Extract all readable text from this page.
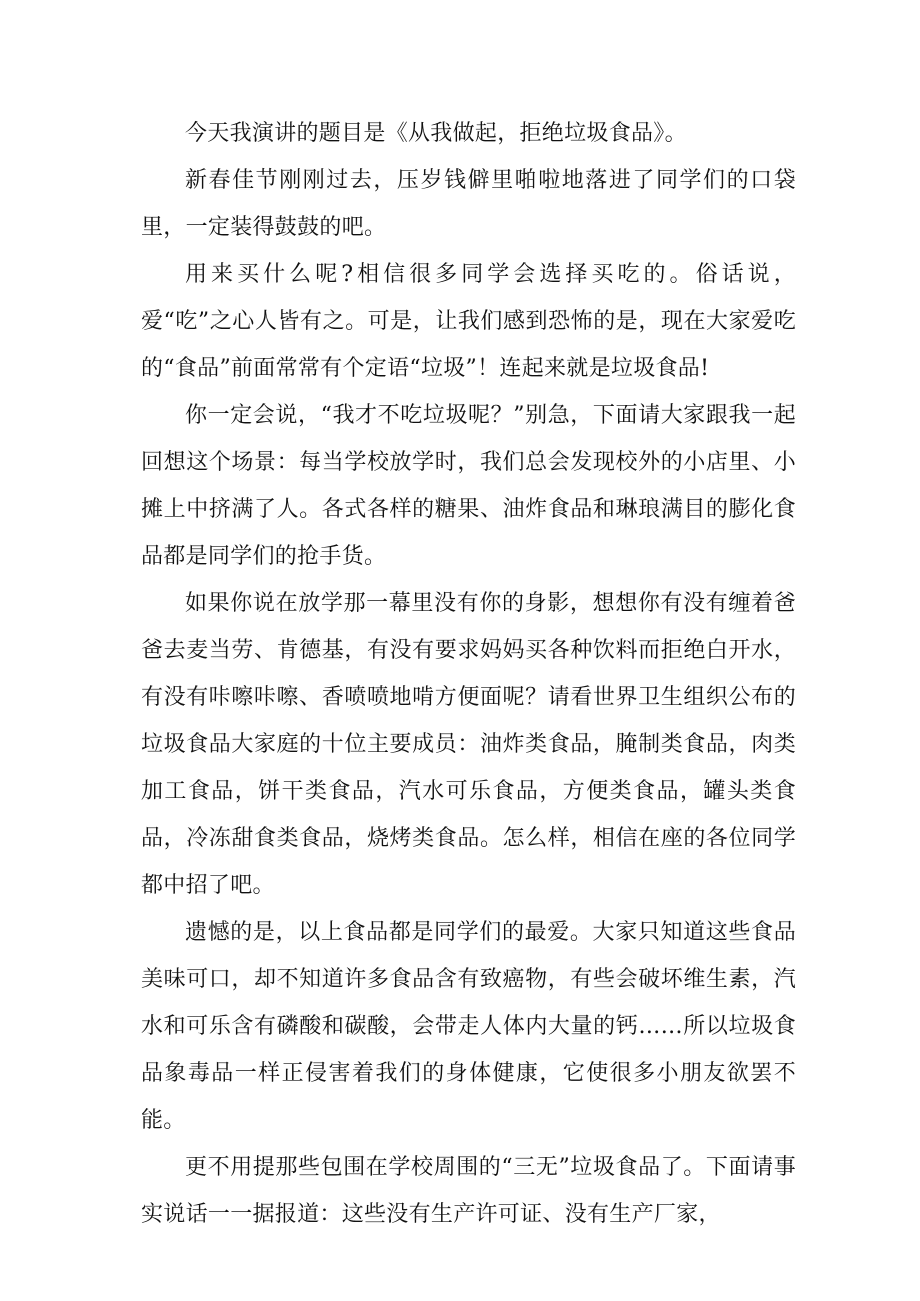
今天我演讲的题目是《从我做起，拒绝垃圾食品》。

新春佳节刚刚过去，压岁钱僻里啪啦地落进了同学们的口袋里，一定装得鼓鼓的吧。

用来买什么呢?相信很多同学会选择买吃的。俗话说，爱“吃”之心人皆有之。可是，让我们感到恐怖的是，现在大家爱吃的“食品”前面常常有个定语“垃圾”！连起来就是垃圾食品!

你一定会说，“我才不吃垃圾呢？”别急，下面请大家跟我一起回想这个场景：每当学校放学时，我们总会发现校外的小店里、小摊上中挤满了人。各式各样的糖果、油炸食品和琳琅满目的膨化食品都是同学们的抢手货。

如果你说在放学那一幕里没有你的身影，想想你有没有缠着爸爸去麦当劳、肯德基，有没有要求妈妈买各种饮料而拒绝白开水，有没有咔嚓咔嚓、香喷喷地啃方便面呢？请看世界卫生组织公布的垃圾食品大家庭的十位主要成员：油炸类食品，腌制类食品，肉类加工食品，饼干类食品，汽水可乐食品，方便类食品，罐头类食品，冷冻甜食类食品，烧烤类食品。怎么样，相信在座的各位同学都中招了吧。

遗憾的是，以上食品都是同学们的最爱。大家只知道这些食品美味可口，却不知道许多食品含有致癌物，有些会破坏维生素，汽水和可乐含有磷酸和碳酸，会带走人体内大量的钙……所以垃圾食品象毒品一样正侵害着我们的身体健康，它使很多小朋友欲罢不能。

更不用提那些包围在学校周围的“三无”垃圾食品了。下面请事实说话一一据报道：这些没有生产许可证、没有生产厂家，
